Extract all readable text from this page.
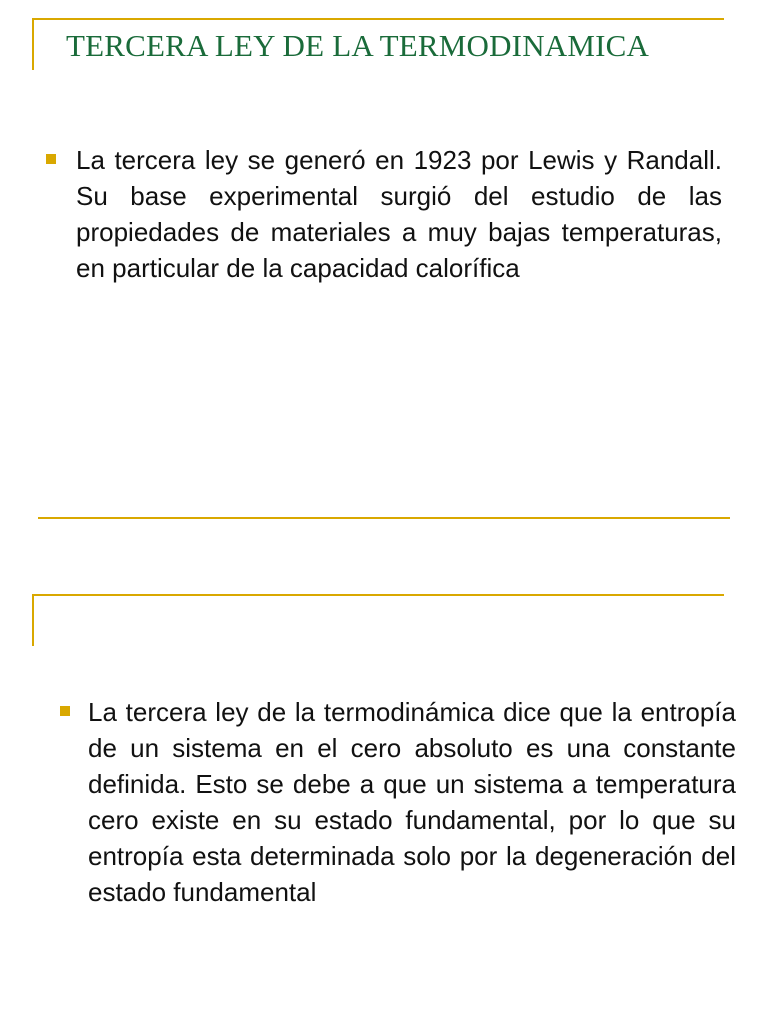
TERCERA LEY DE LA TERMODINAMICA

La tercera ley se generó en 1923 por Lewis y Randall. Su base experimental surgió del estudio de las propiedades de materiales a muy bajas temperaturas, en particular de la capacidad calorífica

La tercera ley de la termodinámica dice que la entropía de un sistema en el cero absoluto es una constante definida. Esto se debe a que un sistema a temperatura cero existe en su estado fundamental, por lo que su entropía esta determinada solo por la degeneración del estado fundamental
